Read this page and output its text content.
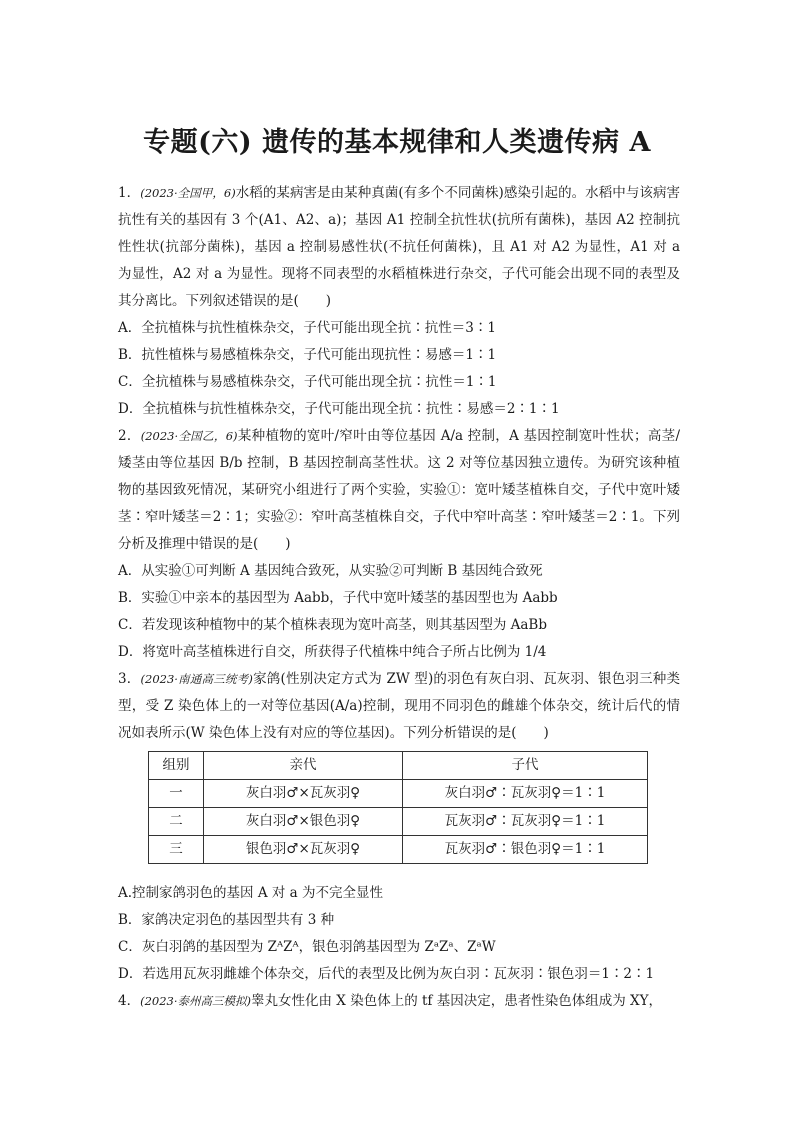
专题(六) 遗传的基本规律和人类遗传病 A

1．(2023·全国甲，6)水稻的某病害是由某种真菌(有多个不同菌株)感染引起的。水稻中与该病害抗性有关的基因有 3 个(A1、A2、a)；基因 A1 控制全抗性状(抗所有菌株)，基因 A2 控制抗性性状(抗部分菌株)，基因 a 控制易感性状(不抗任何菌株)，且 A1 对 A2 为显性，A1 对 a 为显性，A2 对 a 为显性。现将不同表型的水稻植株进行杂交，子代可能会出现不同的表型及其分离比。下列叙述错误的是(　　)

A．全抗植株与抗性植株杂交，子代可能出现全抗∶抗性＝3∶1

B．抗性植株与易感植株杂交，子代可能出现抗性∶易感＝1∶1

C．全抗植株与易感植株杂交，子代可能出现全抗∶抗性＝1∶1

D．全抗植株与抗性植株杂交，子代可能出现全抗∶抗性∶易感＝2∶1∶1

2．(2023·全国乙，6)某种植物的宽叶/窄叶由等位基因 A/a 控制，A 基因控制宽叶性状；高茎/矮茎由等位基因 B/b 控制，B 基因控制高茎性状。这 2 对等位基因独立遗传。为研究该种植物的基因致死情况，某研究小组进行了两个实验，实验①：宽叶矮茎植株自交，子代中宽叶矮茎∶窄叶矮茎＝2∶1；实验②：窄叶高茎植株自交，子代中窄叶高茎∶窄叶矮茎＝2∶1。下列分析及推理中错误的是(　　)

A．从实验①可判断 A 基因纯合致死，从实验②可判断 B 基因纯合致死

B．实验①中亲本的基因型为 Aabb，子代中宽叶矮茎的基因型也为 Aabb

C．若发现该种植物中的某个植株表现为宽叶高茎，则其基因型为 AaBb

D．将宽叶高茎植株进行自交，所获得子代植株中纯合子所占比例为 1/4

3．(2023·南通高三统考)家鸽(性别决定方式为 ZW 型)的羽色有灰白羽、瓦灰羽、银色羽三种类型，受 Z 染色体上的一对等位基因(A/a)控制，现用不同羽色的雌雄个体杂交，统计后代的情况如表所示(W 染色体上没有对应的等位基因)。下列分析错误的是(　　)

组别	亲代	子代
一	灰白羽♂×瓦灰羽♀	灰白羽♂∶瓦灰羽♀＝1∶1
二	灰白羽♂×银色羽♀	瓦灰羽♂∶瓦灰羽♀＝1∶1
三	银色羽♂×瓦灰羽♀	瓦灰羽♂∶银色羽♀＝1∶1

A.控制家鸽羽色的基因 A 对 a 为不完全显性

B．家鸽决定羽色的基因型共有 3 种

C．灰白羽鸽的基因型为 ZᴬZᴬ，银色羽鸽基因型为 ZᵃZᵃ、ZᵃW

D．若选用瓦灰羽雌雄个体杂交，后代的表型及比例为灰白羽∶瓦灰羽∶银色羽＝1∶2∶1

4．(2023·泰州高三模拟)睾丸女性化由 X 染色体上的 tf 基因决定，患者性染色体组成为 XY，
